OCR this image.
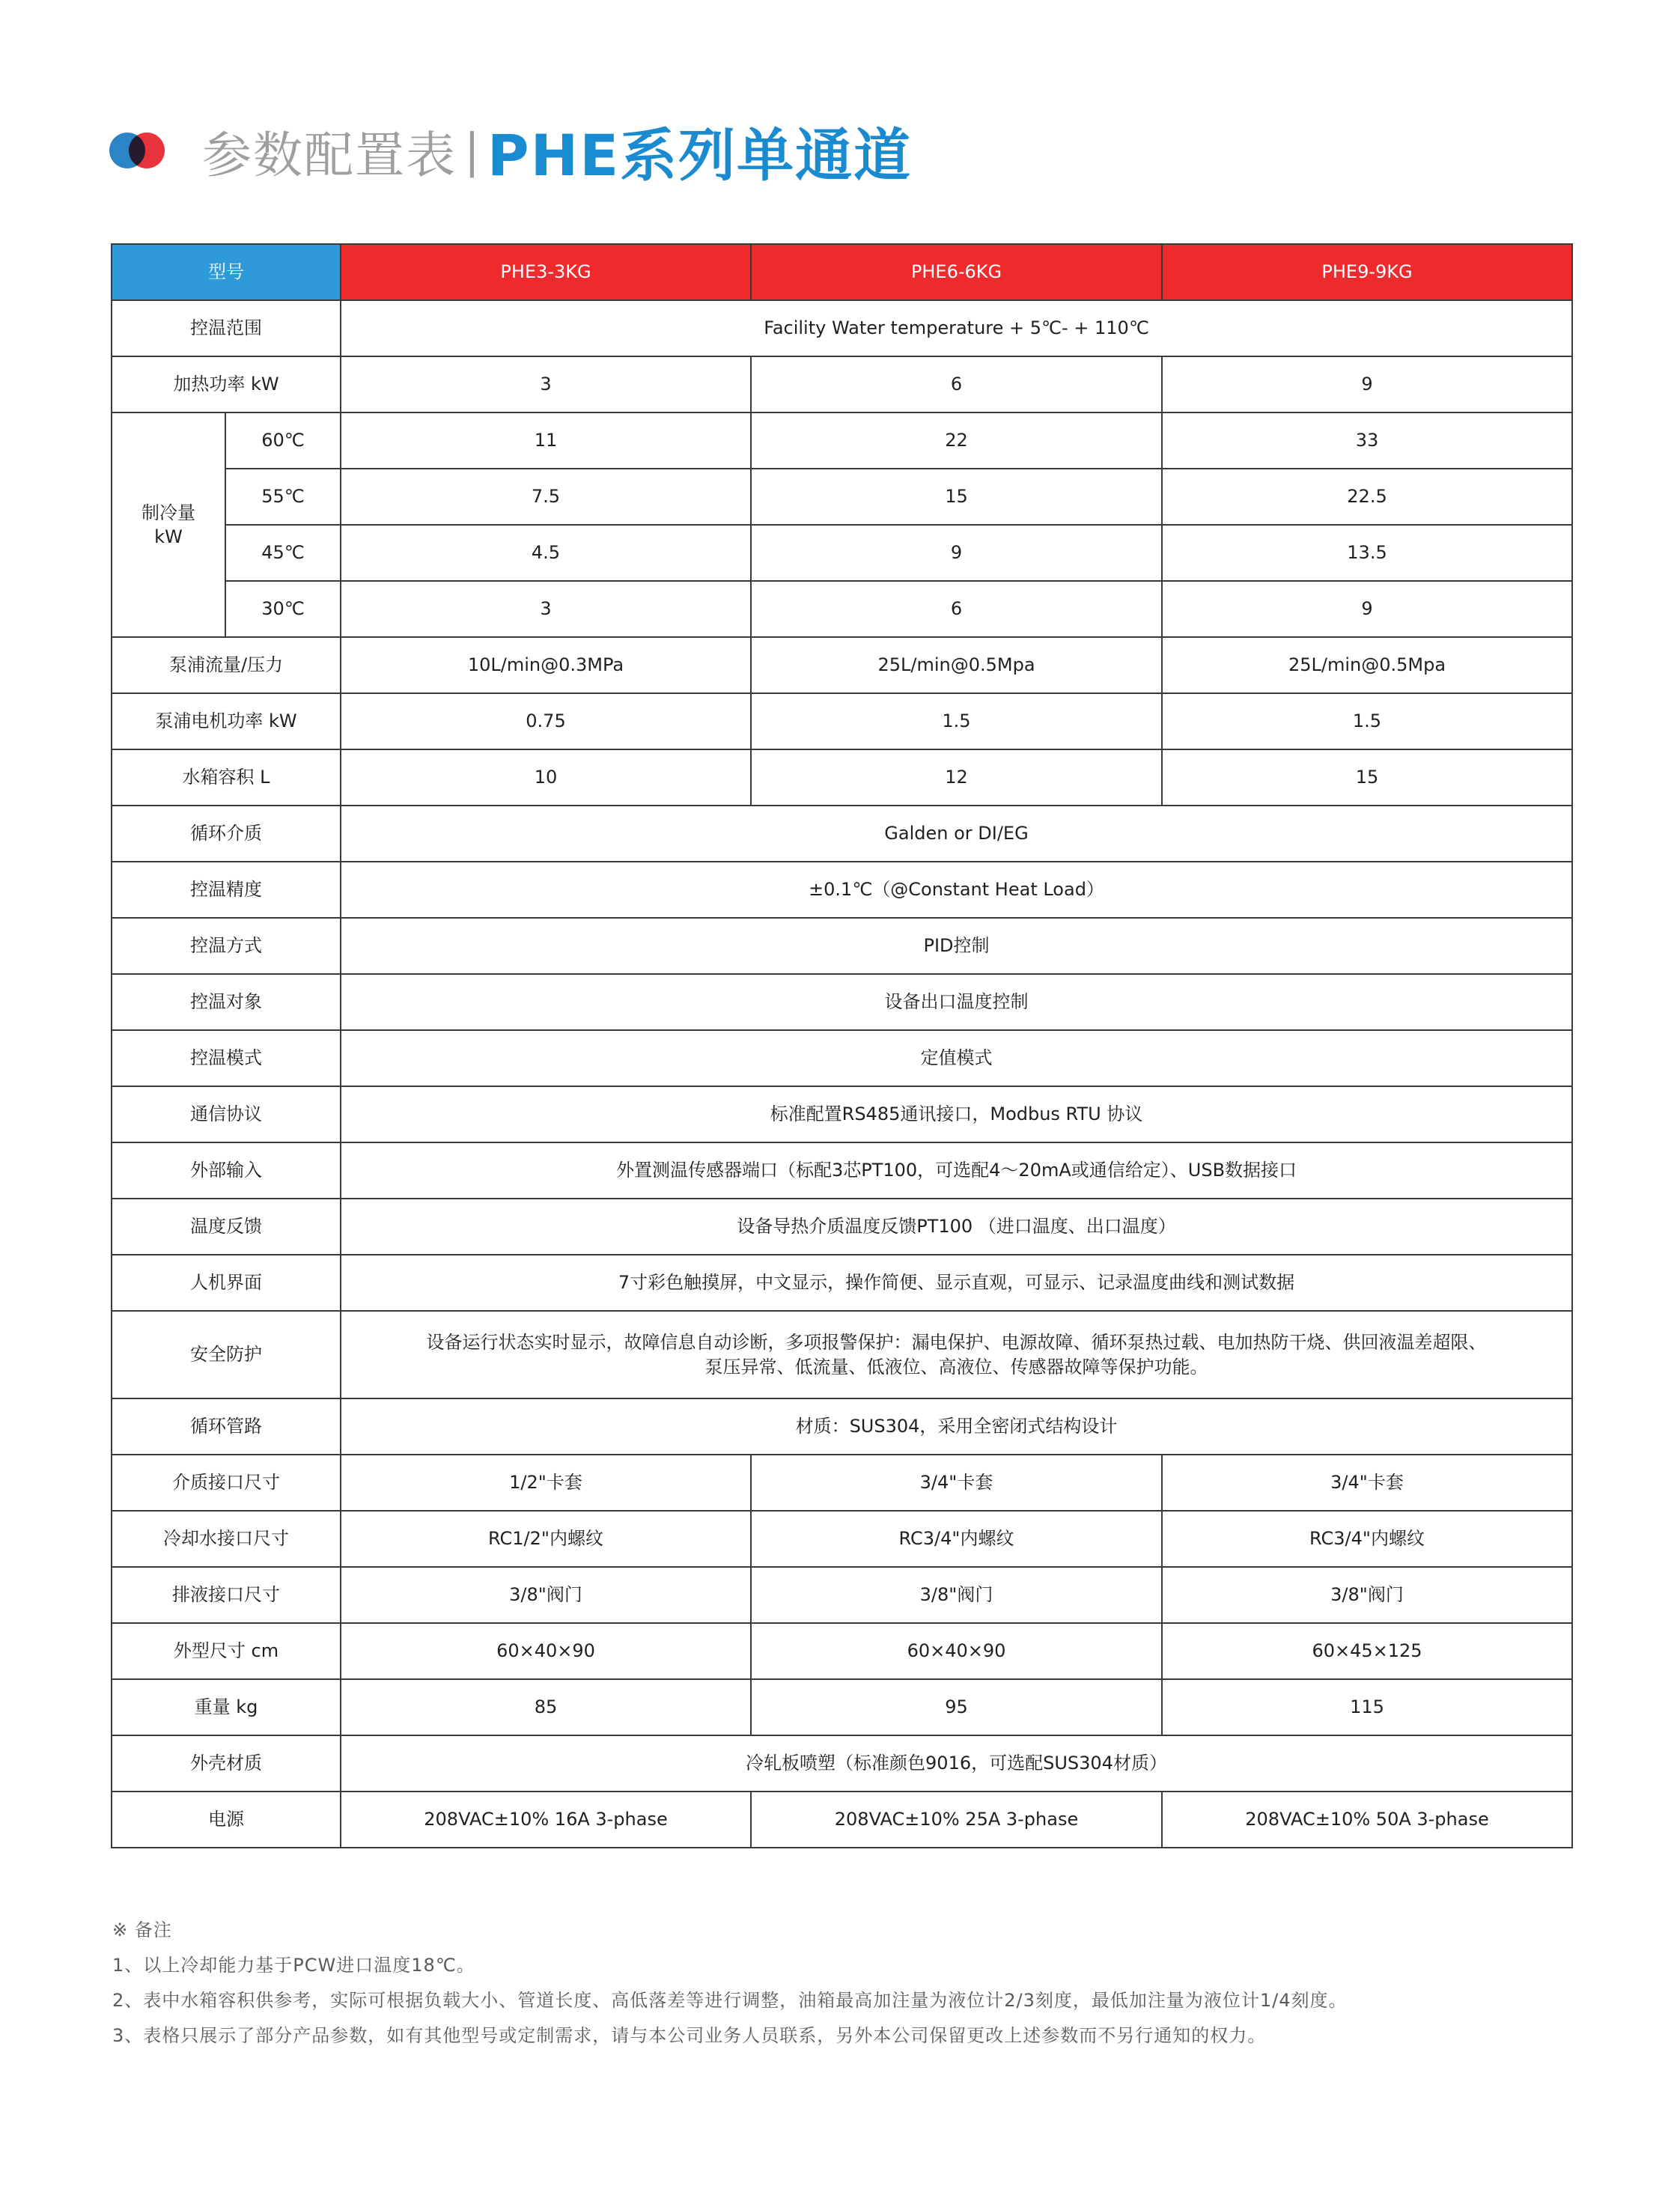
参数配置表 | PHE系列单通道
型号		PHE3-3KG	PHE6-6KG	PHE9-9KG
控温范围		Facility Water temperature + 5℃- + 110℃		
加热功率 kW		3	6	9

制冷量
kW	60℃	11	22	33
	55℃	7.5	15	22.5
	45℃	4.5	9	13.5
	30℃	3	6	9
泵浦流量/压力		10L/min@0.3MPa	25L/min@0.5Mpa	25L/min@0.5Mpa
泵浦电机功率 kW		0.75	1.5	1.5
水箱容积 L		10	12	15
循环介质		Galden or DI/EG		
控温精度		±0.1℃（@Constant Heat Load）		
控温方式		PID控制		
控温对象		设备出口温度控制		
控温模式		定值模式		
通信协议		标准配置RS485通讯接口，Modbus RTU 协议		
外部输入		外置测温传感器端口（标配3芯PT100，可选配4～20mA或通信给定）、USB数据接口		
温度反馈		设备导热介质温度反馈PT100 （进口温度、出口温度）		
人机界面		7寸彩色触摸屏，中文显示，操作简便、显示直观，可显示、记录温度曲线和测试数据		
安全防护		设备运行状态实时显示，故障信息自动诊断，多项报警保护：漏电保护、电源故障、循环泵热过载、电加热防干烧、供回液温差超限、
泵压异常、低流量、低液位、高液位、传感器故障等保护功能。		

循环管路		材质：SUS304，采用全密闭式结构设计		
介质接口尺寸		1/2"卡套	3/4"卡套	3/4"卡套
冷却水接口尺寸		RC1/2"内螺纹	RC3/4"内螺纹	RC3/4"内螺纹
排液接口尺寸		3/8"阀门	3/8"阀门	3/8"阀门
外型尺寸 cm		60×40×90	60×40×90	60×45×125
重量 kg		85	95	115
外壳材质		冷轧板喷塑（标准颜色9016，可选配SUS304材质）		
电源		208VAC±10% 16A 3-phase	208VAC±10% 25A 3-phase	208VAC±10% 50A 3-phase
※ 备注
1、以上冷却能力基于PCW进口温度18℃。
2、表中水箱容积供参考，实际可根据负载大小、管道长度、高低落差等进行调整，油箱最高加注量为液位计2/3刻度，最低加注量为液位计1/4刻度。
3、表格只展示了部分产品参数，如有其他型号或定制需求，请与本公司业务人员联系，另外本公司保留更改上述参数而不另行通知的权力。
